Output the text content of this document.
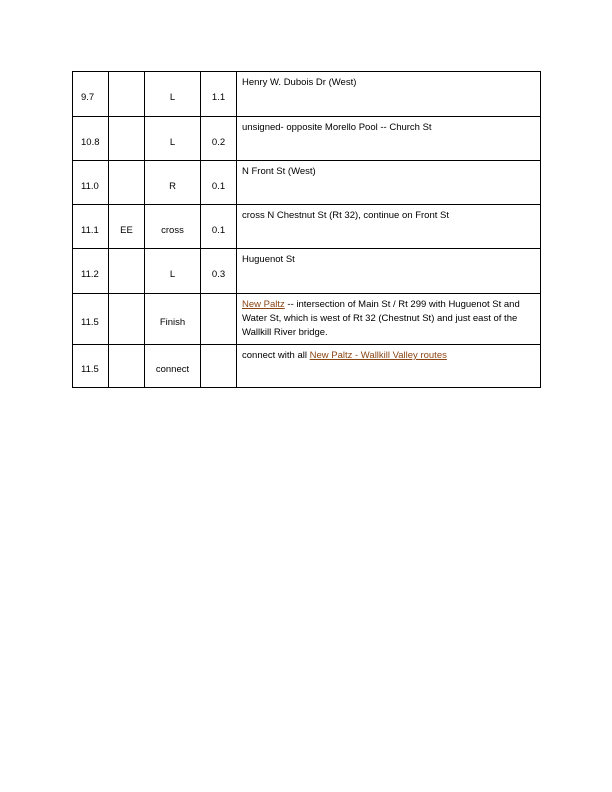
9.7		L	1.1	Henry W. Dubois Dr (West)
10.8		L	0.2	unsigned- opposite Morello Pool -- Church St
11.0		R	0.1	N Front St (West)
11.1	EE	cross	0.1	cross N Chestnut St (Rt 32), continue on Front St
11.2		L	0.3	Huguenot St
11.5		Finish		New Paltz -- intersection of Main St / Rt 299 with Huguenot St and Water St, which is west of Rt 32 (Chestnut St) and just east of the Wallkill River bridge.
11.5		connect		connect with all New Paltz - Wallkill Valley routes
